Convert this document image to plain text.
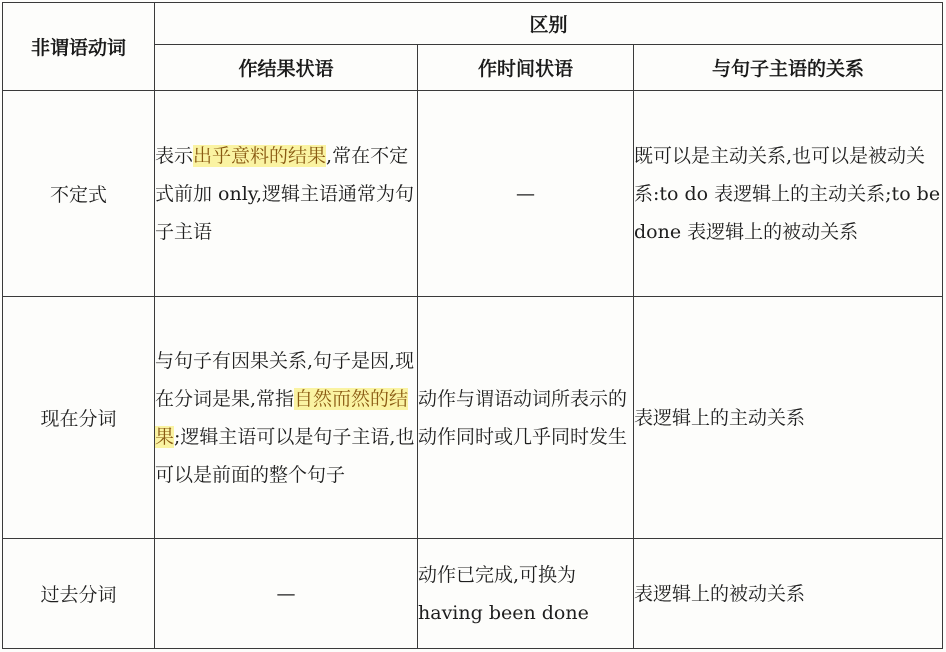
非谓语动词	区别		
	作结果状语	作时间状语	与句子主语的关系
不定式	表示出乎意料的结果,常在不定式前加 only,逻辑主语通常为句子主语	—	既可以是主动关系,也可以是被动关系:to do 表逻辑上的主动关系;to be done 表逻辑上的被动关系
现在分词	与句子有因果关系,句子是因,现在分词是果,常指自然而然的结果;逻辑主语可以是句子主语,也可以是前面的整个句子	动作与谓语动词所表示的动作同时或几乎同时发生	表逻辑上的主动关系
过去分词	—	动作已完成,可换为 having been done	表逻辑上的被动关系
